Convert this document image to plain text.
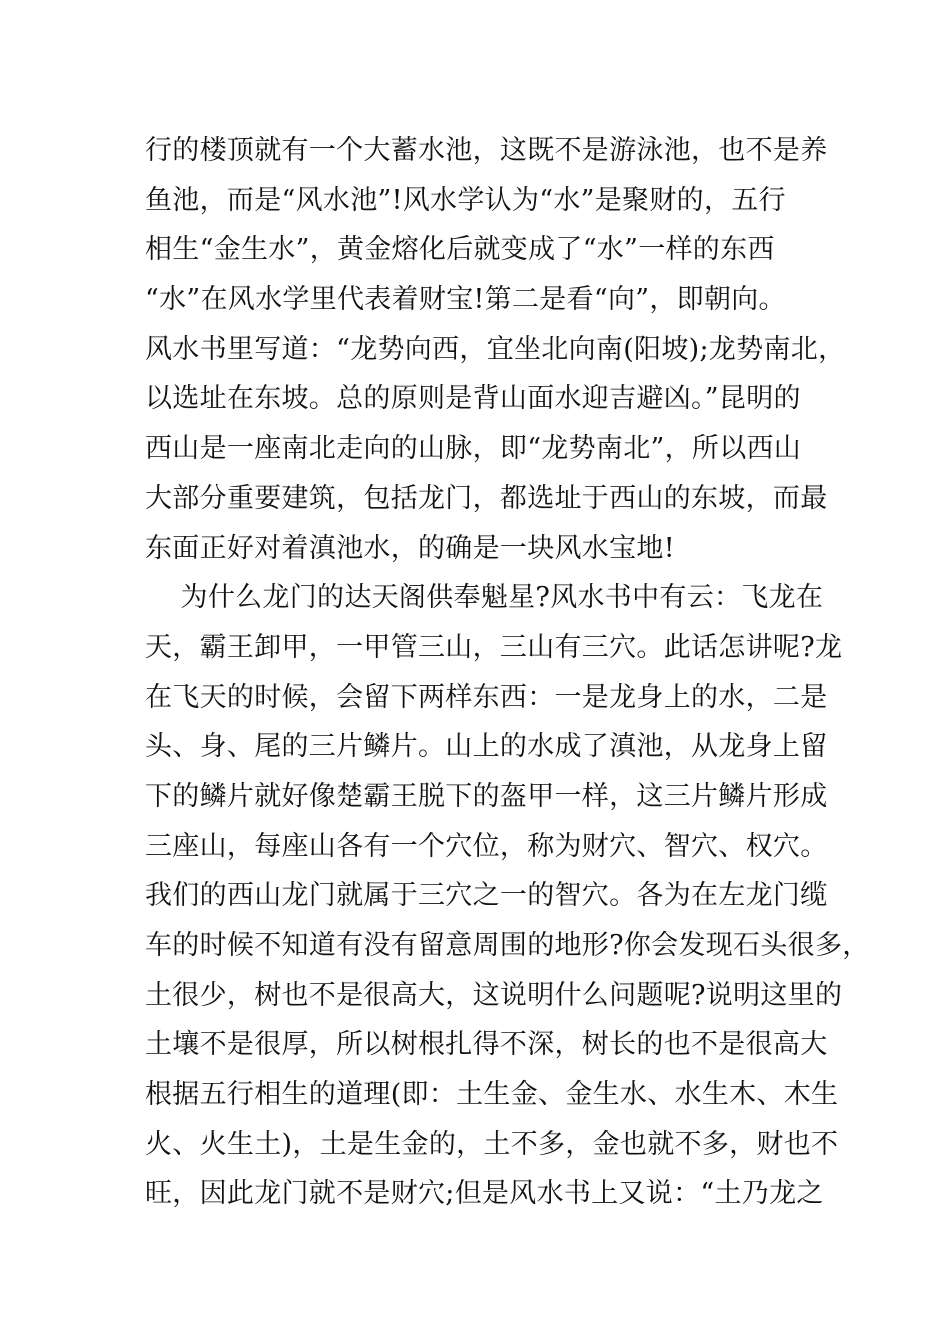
行的楼顶就有一个大蓄水池，这既不是游泳池，也不是养
鱼池，而是“风水池”!风水学认为“水”是聚财的，五行
相生“金生水”，黄金熔化后就变成了“水”一样的东西
“水”在风水学里代表着财宝!第二是看“向”，即朝向。
风水书里写道：“龙势向西，宜坐北向南(阳坡);龙势南北，
以选址在东坡。总的原则是背山面水迎吉避凶。”昆明的
西山是一座南北走向的山脉，即“龙势南北”，所以西山
大部分重要建筑，包括龙门，都选址于西山的东坡，而最
东面正好对着滇池水，的确是一块风水宝地!
为什么龙门的达天阁供奉魁星?风水书中有云：飞龙在
天，霸王卸甲，一甲管三山，三山有三穴。此话怎讲呢?龙
在飞天的时候，会留下两样东西：一是龙身上的水，二是
头、身、尾的三片鳞片。山上的水成了滇池，从龙身上留
下的鳞片就好像楚霸王脱下的盔甲一样，这三片鳞片形成
三座山，每座山各有一个穴位，称为财穴、智穴、权穴。
我们的西山龙门就属于三穴之一的智穴。各为在左龙门缆
车的时候不知道有没有留意周围的地形?你会发现石头很多，
土很少，树也不是很高大，这说明什么问题呢?说明这里的
土壤不是很厚，所以树根扎得不深，树长的也不是很高大
根据五行相生的道理(即：土生金、金生水、水生木、木生
火、火生土)，土是生金的，土不多，金也就不多，财也不
旺，因此龙门就不是财穴;但是风水书上又说：“土乃龙之
